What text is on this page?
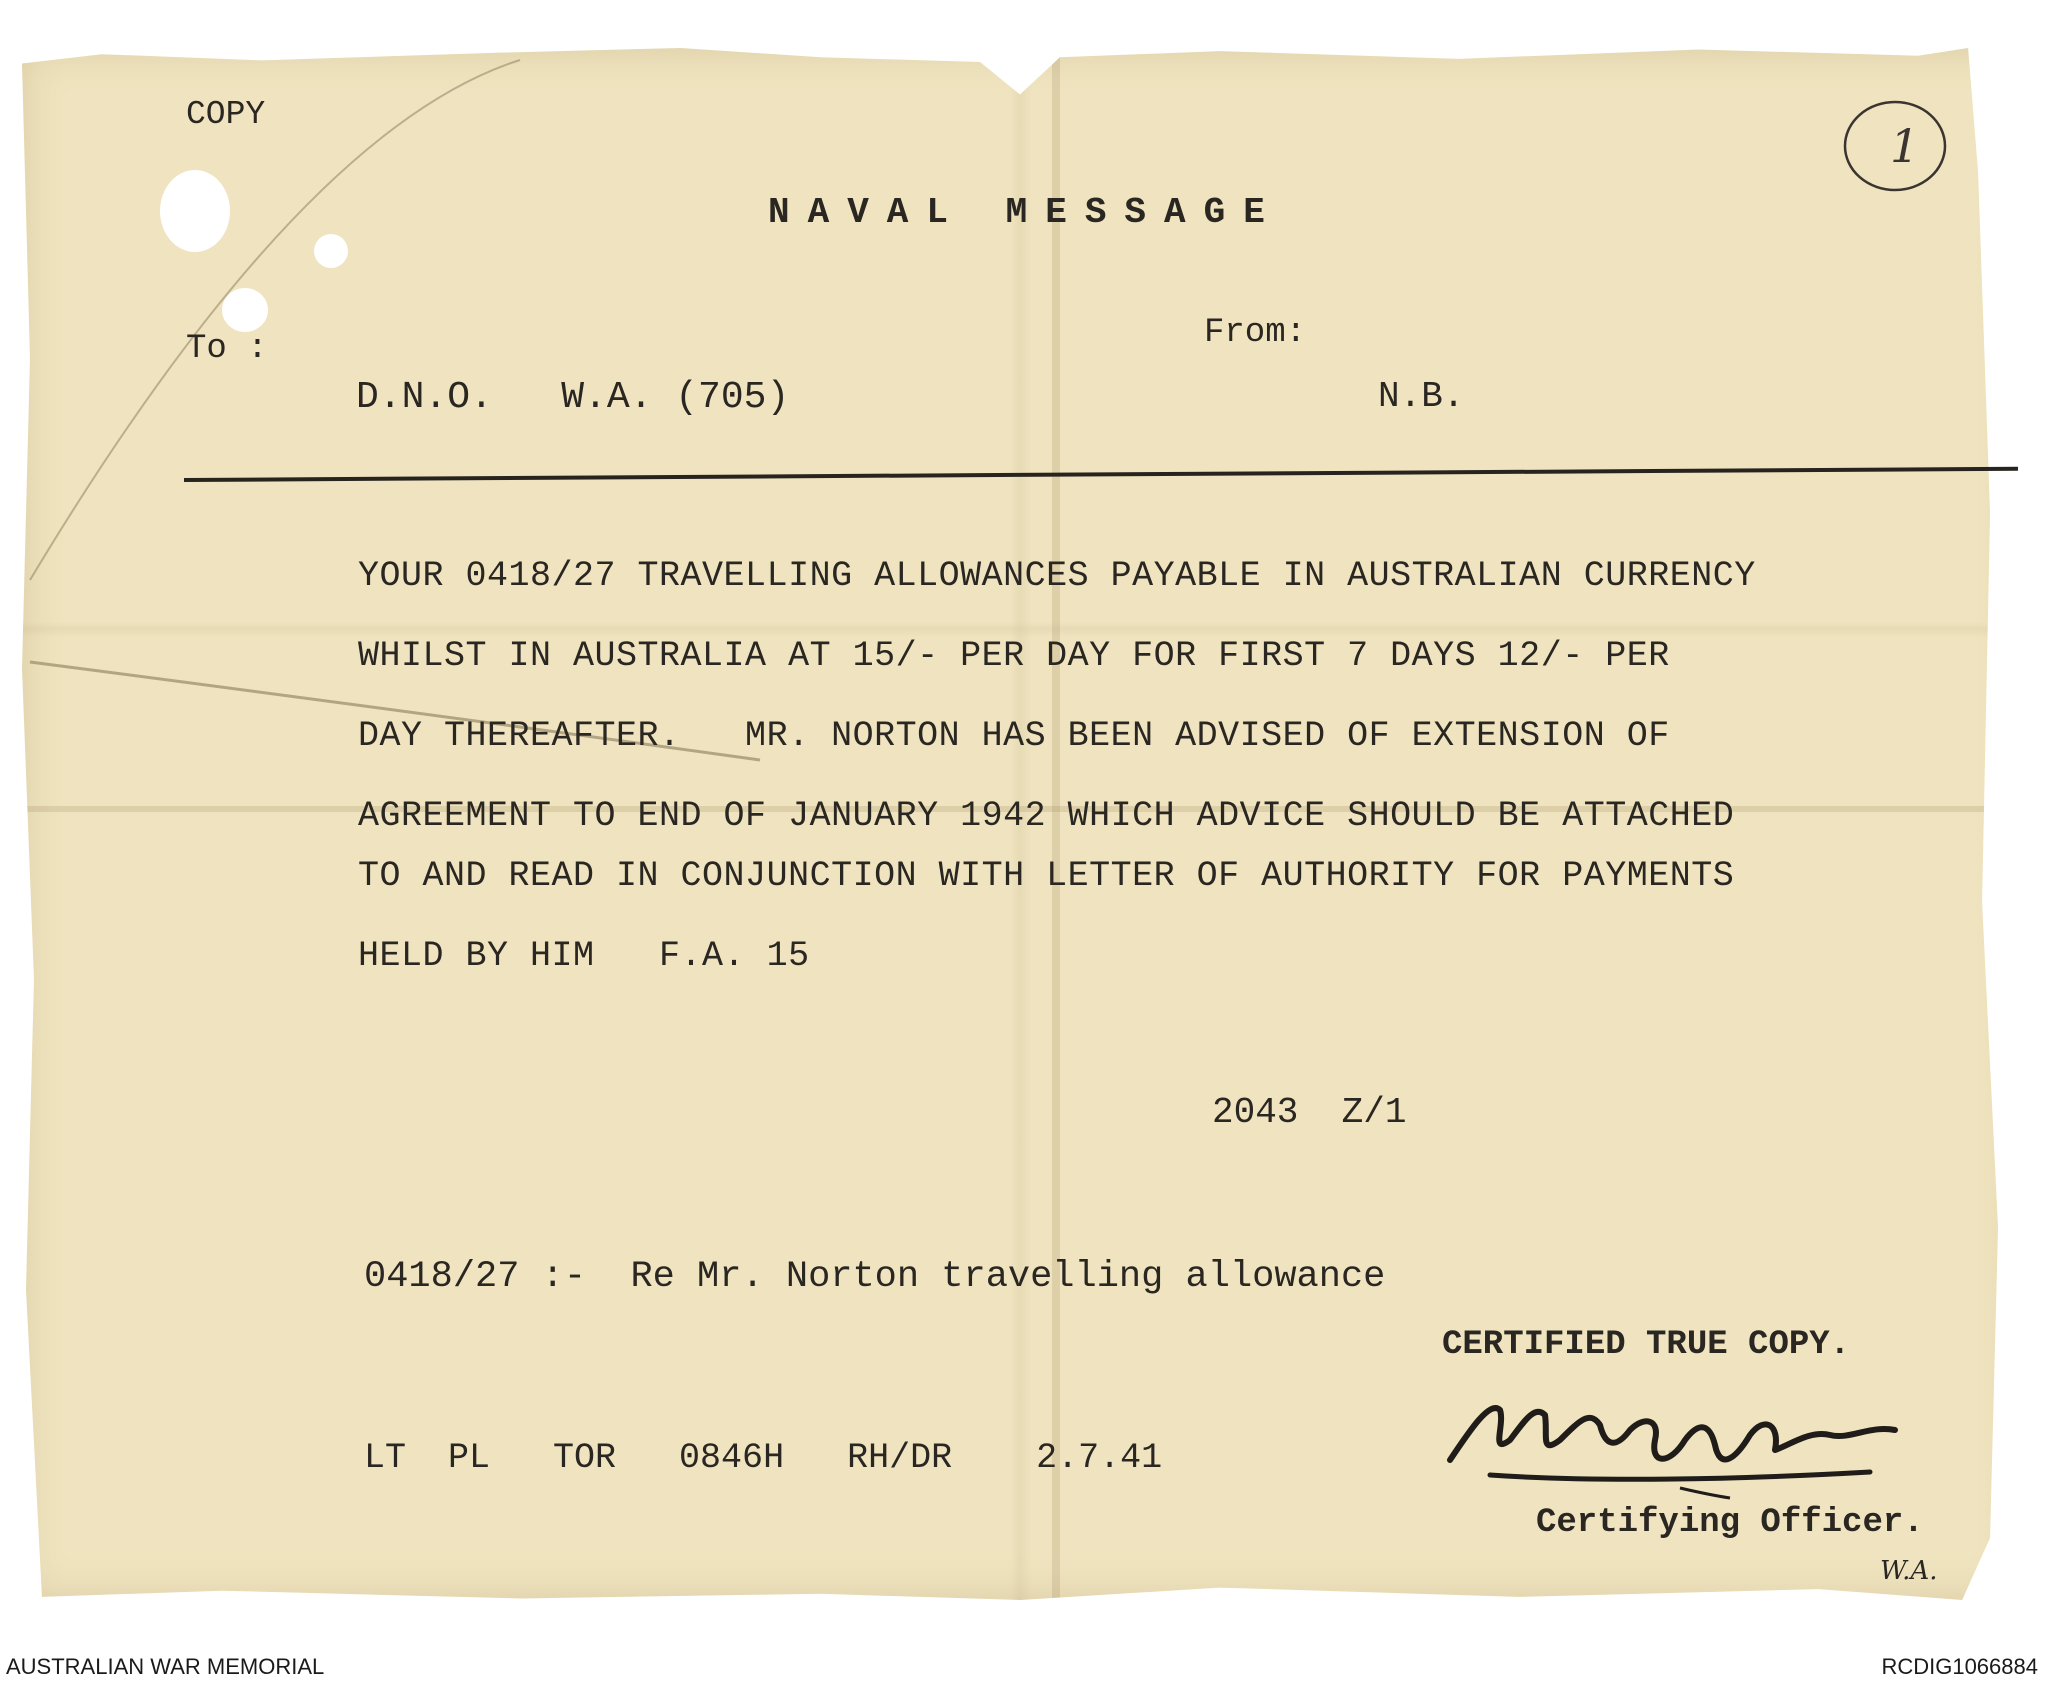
COPY
1
NAVAL MESSAGE
To :	From:
D.N.O.   W.A. (705)	N.B.
YOUR 0418/27 TRAVELLING ALLOWANCES PAYABLE IN AUSTRALIAN CURRENCY
WHILST IN AUSTRALIA AT 15/- PER DAY FOR FIRST 7 DAYS 12/- PER
DAY THEREAFTER.   MR. NORTON HAS BEEN ADVISED OF EXTENSION OF
AGREEMENT TO END OF JANUARY 1942 WHICH ADVICE SHOULD BE ATTACHED
TO AND READ IN CONJUNCTION WITH LETTER OF AUTHORITY FOR PAYMENTS
HELD BY HIM   F.A. 15
2043  Z/1
0418/27 :-  Re Mr. Norton travelling allowance
CERTIFIED TRUE COPY.
LT  PL   TOR   0846H   RH/DR    2.7.41
Certifying Officer.
W.A.
AUSTRALIAN WAR MEMORIAL	RCDIG1066884
